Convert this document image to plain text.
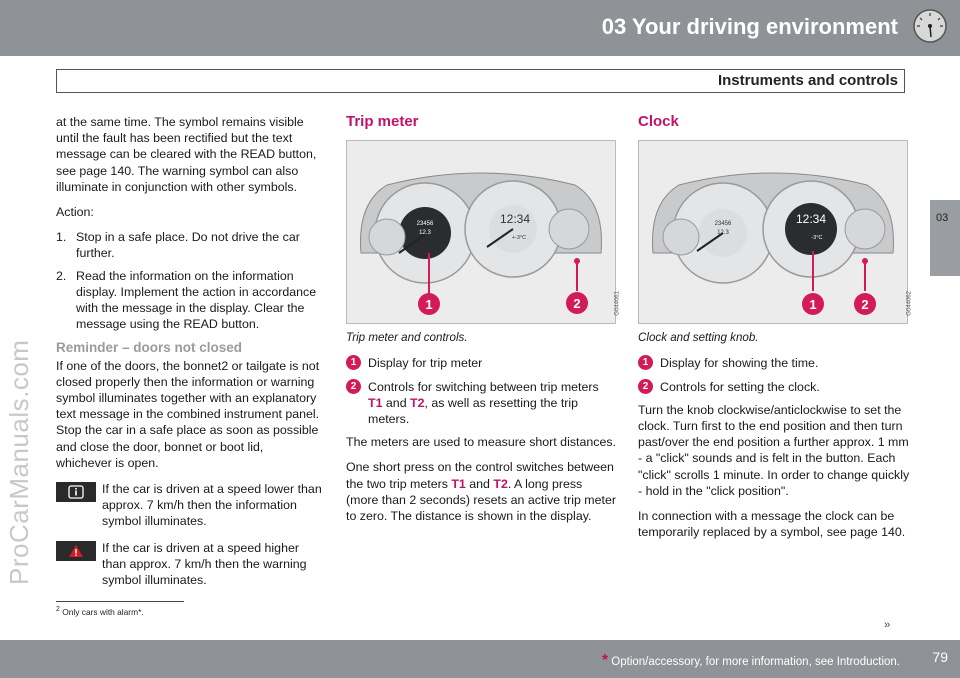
03 Your driving environment
Instruments and controls
ProCarManuals.com
03

at the same time. The symbol remains visible until the fault has been rectified but the text message can be cleared with the READ button, see page 140. The warning symbol can also illuminate in conjunction with other symbols.

Action:

1. Stop in a safe place. Do not drive the car further.
2. Read the information on the information display. Implement the action in accordance with the message in the display. Clear the message using the READ button.
Reminder – doors not closed

If one of the doors, the bonnet2 or tailgate is not closed properly then the information or warning symbol illuminates together with an explanatory text message in the combined instrument panel. Stop the car in a safe place as soon as possible and close the door, bonnet or boot lid, whichever is open.

If the car is driven at a speed lower than approx. 7 km/h then the information symbol illuminates.
If the car is driven at a speed higher than approx. 7 km/h then the warning symbol illuminates.
Trip meter
23456
12.3
12:34
+-3°C
1	2	G044061

Trip meter and controls.

1 Display for trip meter
2 Controls for switching between trip meters T1 and T2, as well as resetting the trip meters.

The meters are used to measure short distances.

One short press on the control switches between the two trip meters T1 and T2. A long press (more than 2 seconds) resets an active trip meter to zero. The distance is shown in the display.

Clock
23456
12.3
12:34
-3°C
1	2	G044062

Clock and setting knob.

1 Display for showing the time.
2 Controls for setting the clock.

Turn the knob clockwise/anticlockwise to set the clock. Turn first to the end position and then turn past/over the end position a further approx. 1 mm - a "click" sounds and is felt in the button. Each "click" scrolls 1 minute. In order to change quickly - hold in the "click position".

In connection with a message the clock can be temporarily replaced by a symbol, see page 140.

$^2$ Only cars with alarm*.
››
* Option/accessory, for more information, see Introduction. 79
